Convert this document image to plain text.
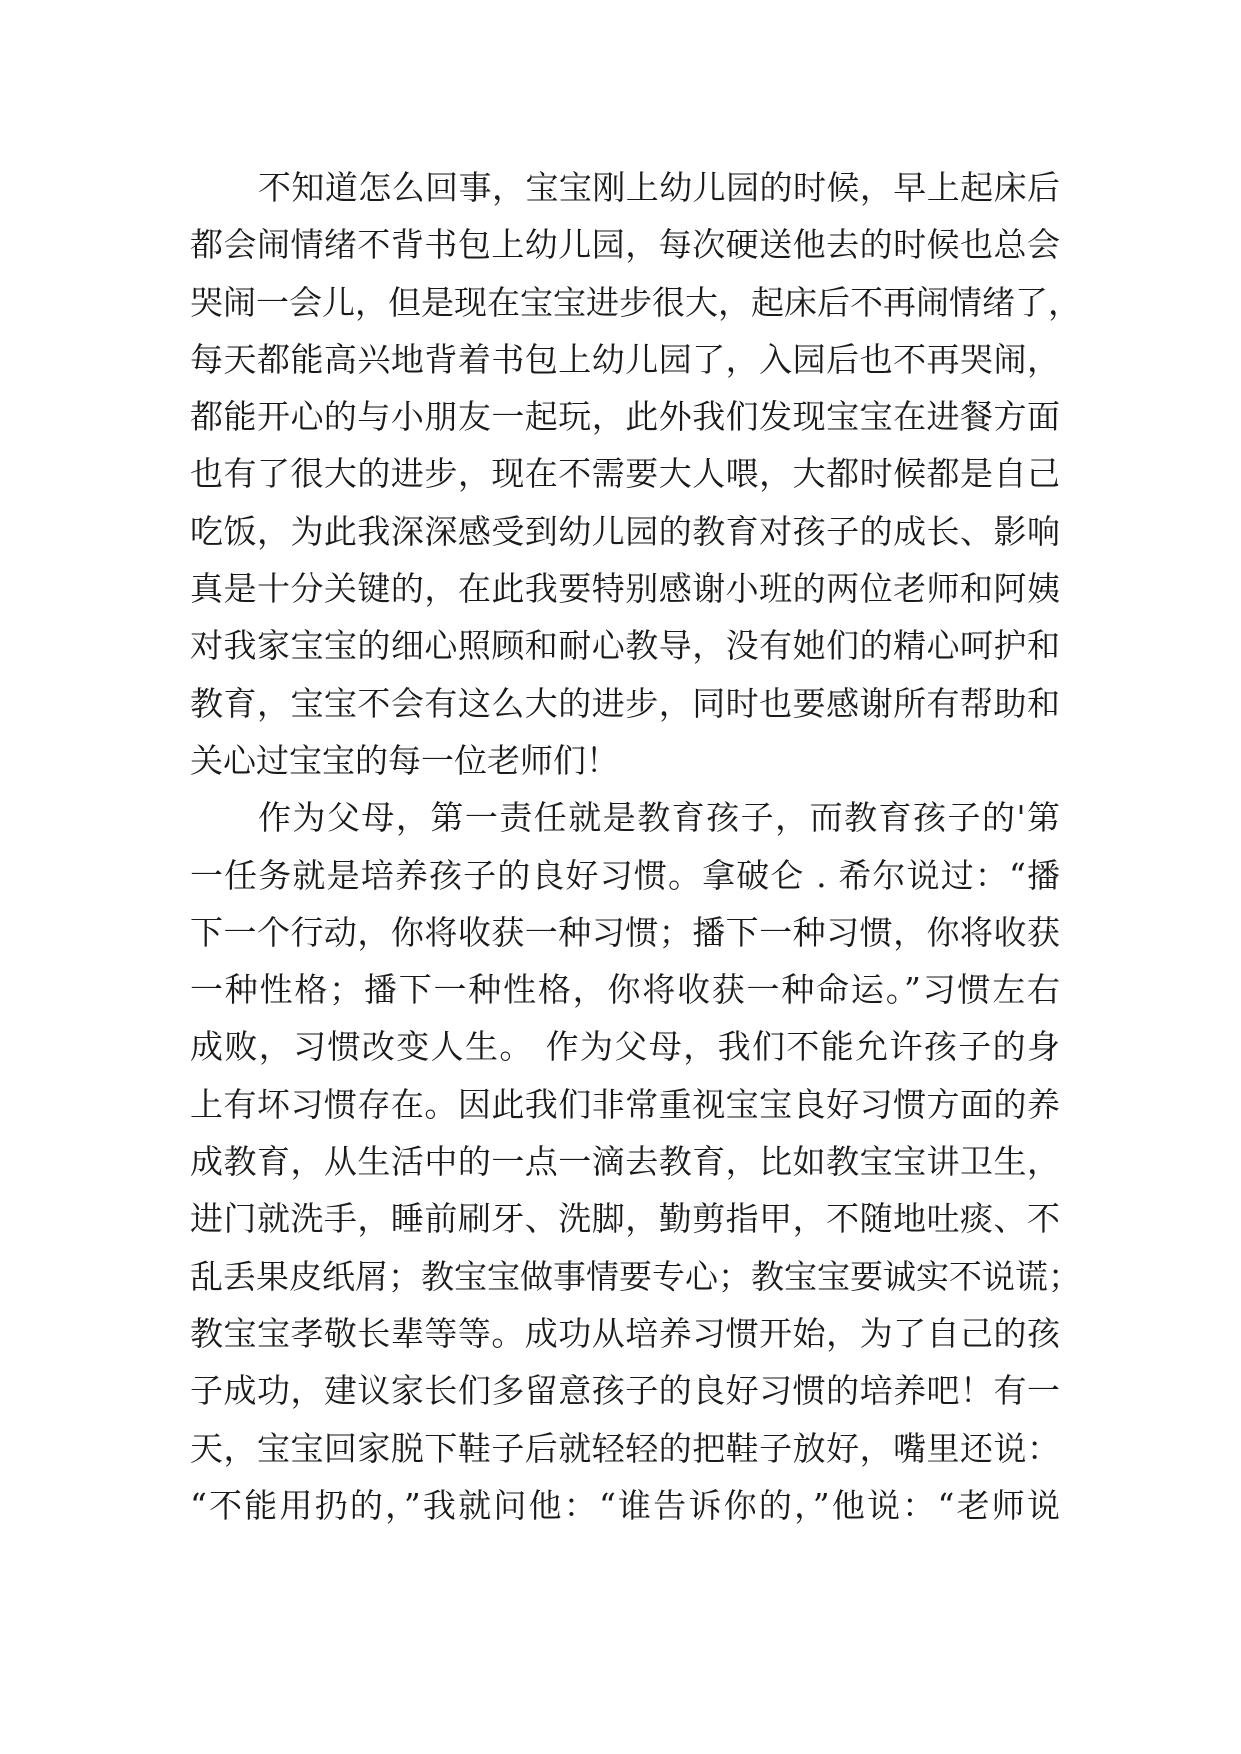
不知道怎么回事，宝宝刚上幼儿园的时候，早上起床后
都会闹情绪不背书包上幼儿园，每次硬送他去的时候也总会
哭闹一会儿，但是现在宝宝进步很大，起床后不再闹情绪了，
每天都能高兴地背着书包上幼儿园了，入园后也不再哭闹，
都能开心的与小朋友一起玩，此外我们发现宝宝在进餐方面
也有了很大的进步，现在不需要大人喂，大都时候都是自己
吃饭，为此我深深感受到幼儿园的教育对孩子的成长、影响
真是十分关键的，在此我要特别感谢小班的两位老师和阿姨
对我家宝宝的细心照顾和耐心教导，没有她们的精心呵护和
教育，宝宝不会有这么大的进步，同时也要感谢所有帮助和
关心过宝宝的每一位老师们！
作为父母，第一责任就是教育孩子，而教育孩子的'第
一任务就是培养孩子的良好习惯。拿破仑 . 希尔说过：“播
下一个行动，你将收获一种习惯；播下一种习惯，你将收获
一种性格；播下一种性格，你将收获一种命运。”习惯左右
成败，习惯改变人生。 作为父母，我们不能允许孩子的身
上有坏习惯存在。因此我们非常重视宝宝良好习惯方面的养
成教育，从生活中的一点一滴去教育，比如教宝宝讲卫生，
进门就洗手，睡前刷牙、洗脚，勤剪指甲，不随地吐痰、不
乱丢果皮纸屑；教宝宝做事情要专心；教宝宝要诚实不说谎；
教宝宝孝敬长辈等等。成功从培养习惯开始，为了自己的孩
子成功，建议家长们多留意孩子的良好习惯的培养吧！有一
天，宝宝回家脱下鞋子后就轻轻的把鞋子放好，嘴里还说：
“不能用扔的，”我就问他：“谁告诉你的，”他说：“老师说
